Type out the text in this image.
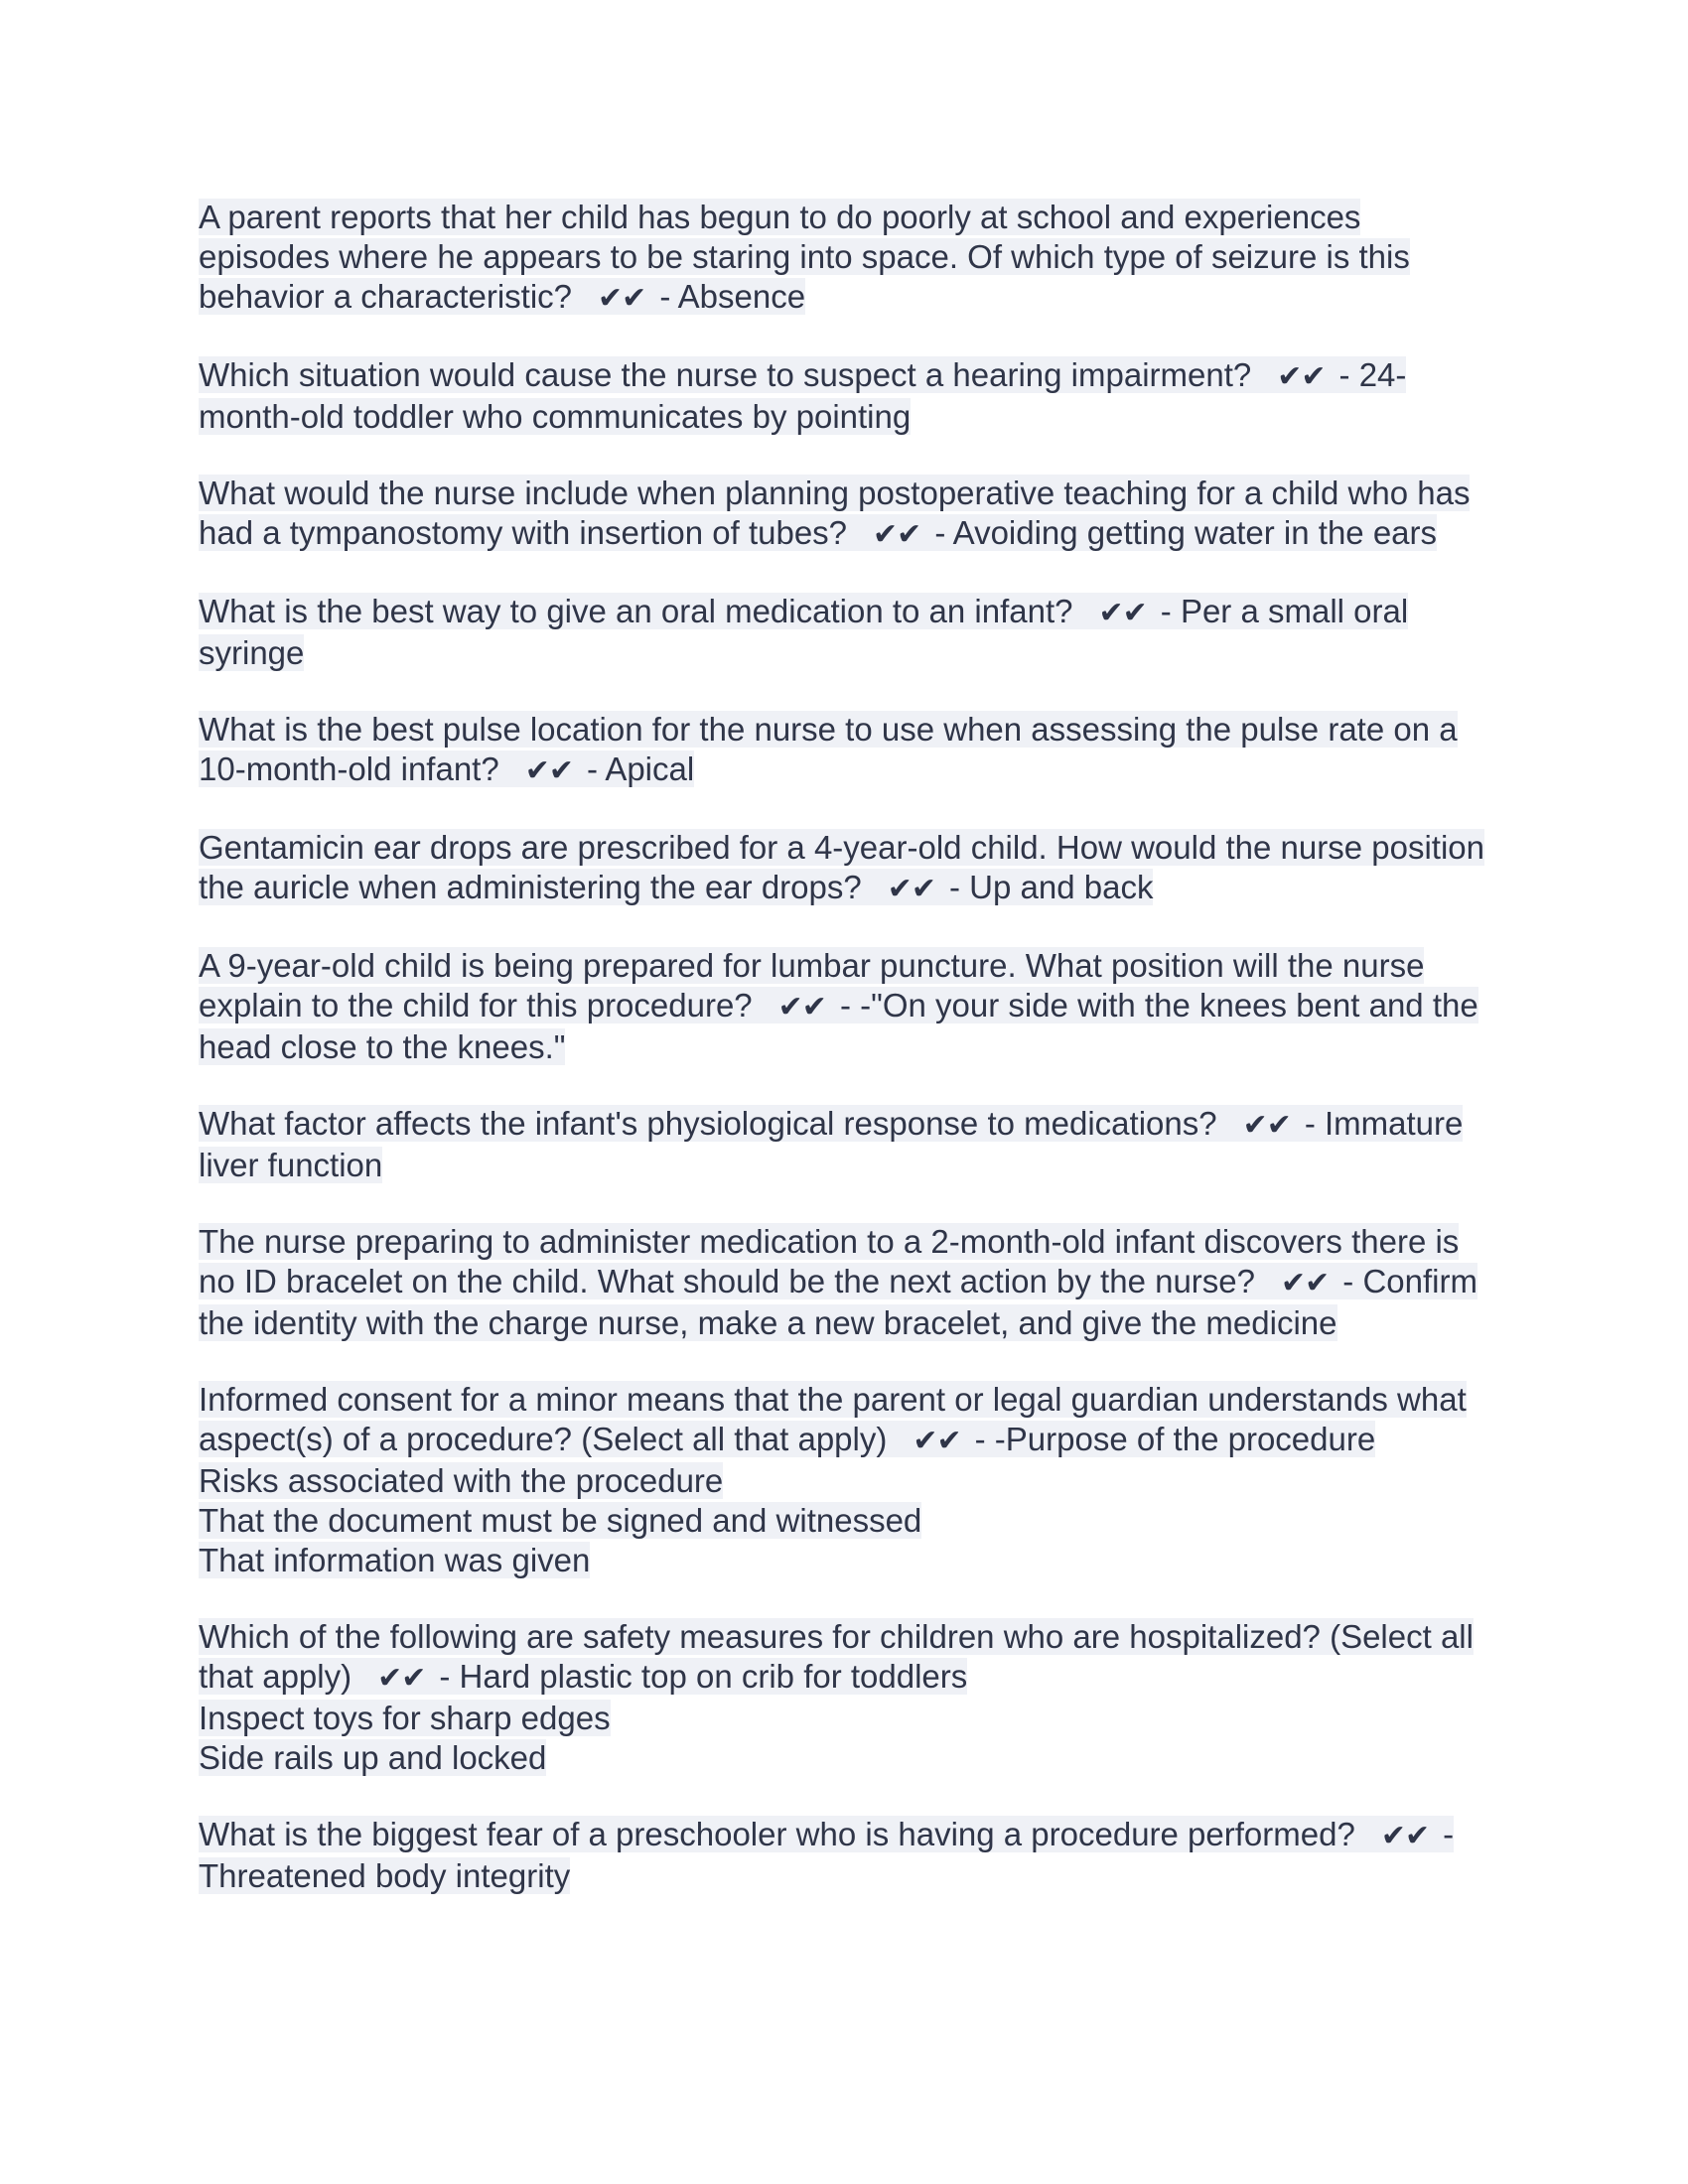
A parent reports that her child has begun to do poorly at school and experiences episodes where he appears to be staring into space. Of which type of seizure is this behavior a characteristic? ✔✔ - Absence
Which situation would cause the nurse to suspect a hearing impairment? ✔✔ - 24-month-old toddler who communicates by pointing
What would the nurse include when planning postoperative teaching for a child who has had a tympanostomy with insertion of tubes? ✔✔ - Avoiding getting water in the ears
What is the best way to give an oral medication to an infant? ✔✔ - Per a small oral syringe
What is the best pulse location for the nurse to use when assessing the pulse rate on a 10-month-old infant? ✔✔ - Apical
Gentamicin ear drops are prescribed for a 4-year-old child. How would the nurse position the auricle when administering the ear drops? ✔✔ - Up and back
A 9-year-old child is being prepared for lumbar puncture. What position will the nurse explain to the child for this procedure? ✔✔ - -"On your side with the knees bent and the head close to the knees."
What factor affects the infant's physiological response to medications? ✔✔ - Immature liver function
The nurse preparing to administer medication to a 2-month-old infant discovers there is no ID bracelet on the child. What should be the next action by the nurse? ✔✔ - Confirm the identity with the charge nurse, make a new bracelet, and give the medicine
Informed consent for a minor means that the parent or legal guardian understands what aspect(s) of a procedure? (Select all that apply) ✔✔ - -Purpose of the procedure
Risks associated with the procedure
That the document must be signed and witnessed
That information was given
Which of the following are safety measures for children who are hospitalized? (Select all that apply) ✔✔ - Hard plastic top on crib for toddlers
Inspect toys for sharp edges
Side rails up and locked
What is the biggest fear of a preschooler who is having a procedure performed? ✔✔ - Threatened body integrity
